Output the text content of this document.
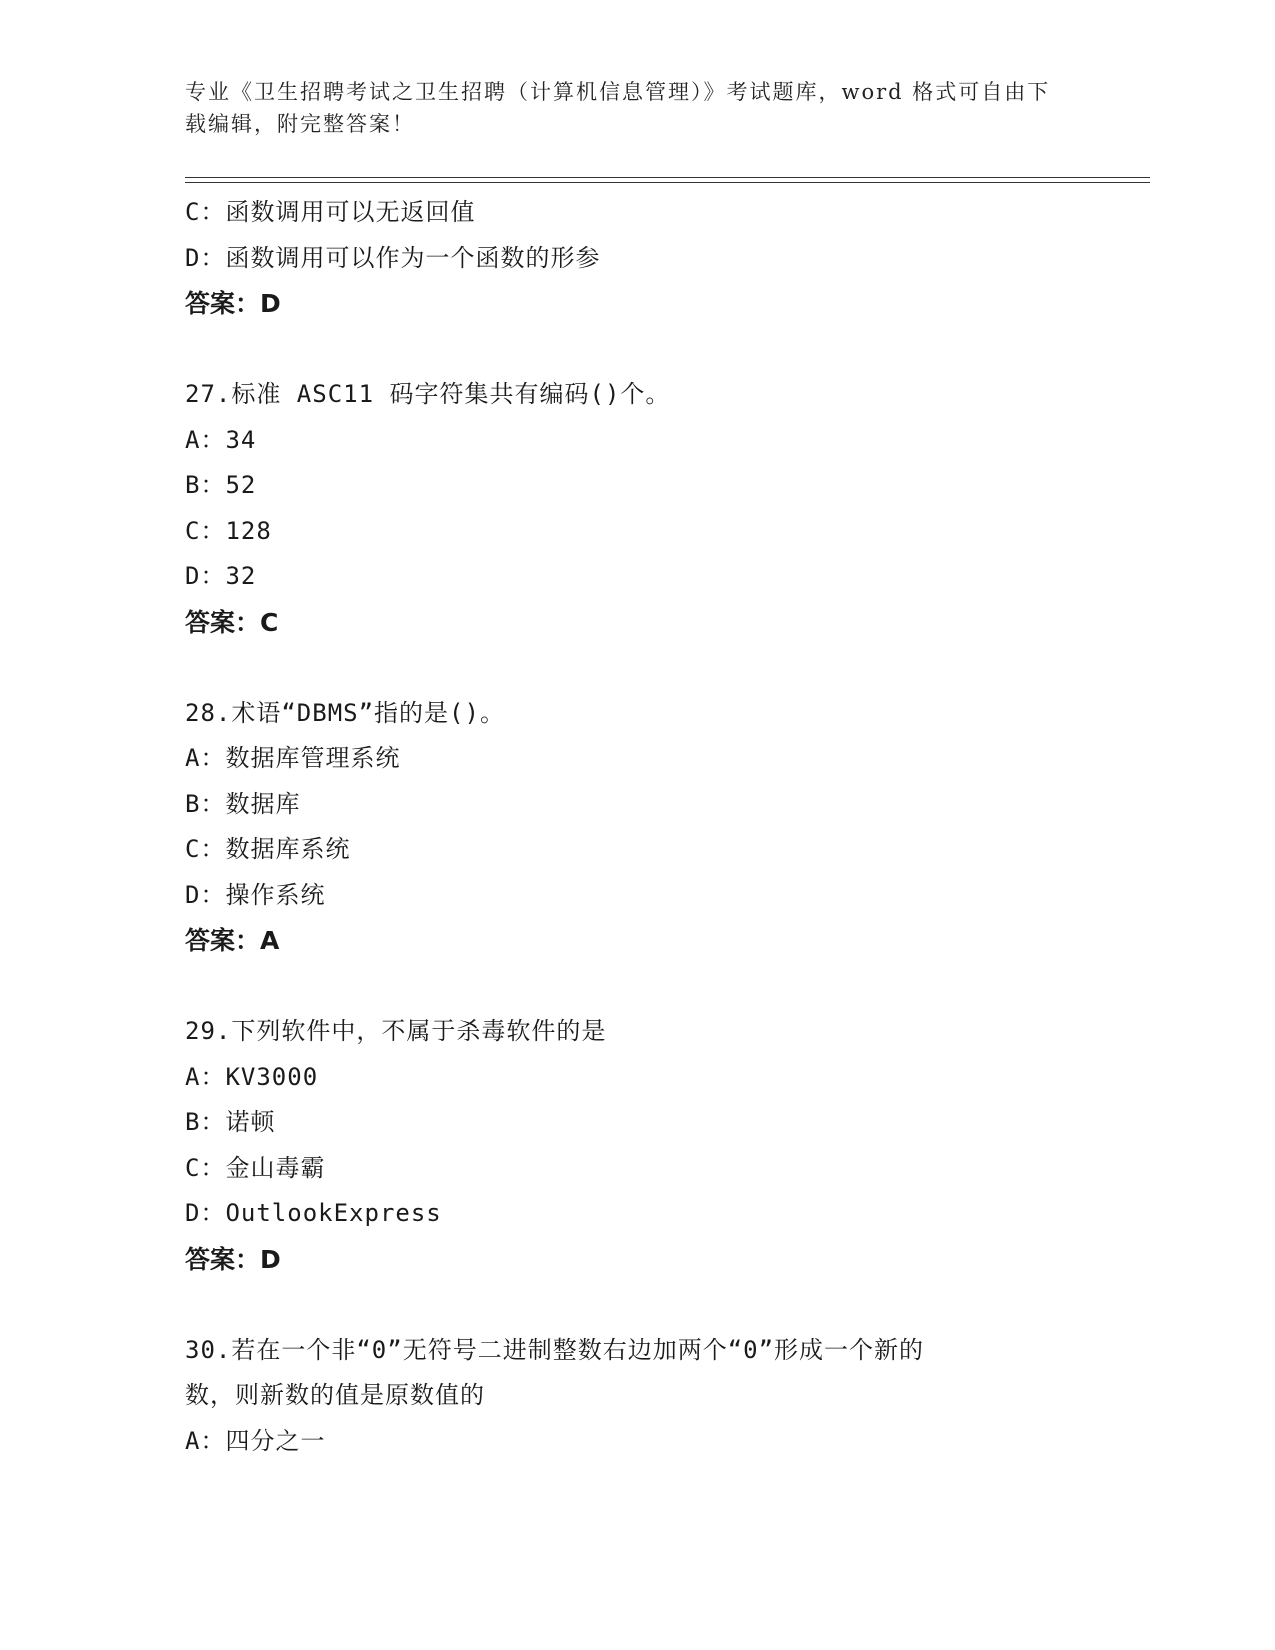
专业《卫生招聘考试之卫生招聘（计算机信息管理）》考试题库，word 格式可自由下载编辑，附完整答案！
C：函数调用可以无返回值
D：函数调用可以作为一个函数的形参
答案：D
27.标准 ASC11 码字符集共有编码()个。
A：34
B：52
C：128
D：32
答案：C
28.术语“DBMS”指的是()。
A：数据库管理系统
B：数据库
C：数据库系统
D：操作系统
答案：A
29.下列软件中，不属于杀毒软件的是
A：KV3000
B：诺顿
C：金山毒霸
D：OutlookExpress
答案：D
30.若在一个非“0”无符号二进制整数右边加两个“0”形成一个新的
数，则新数的值是原数值的
A：四分之一
